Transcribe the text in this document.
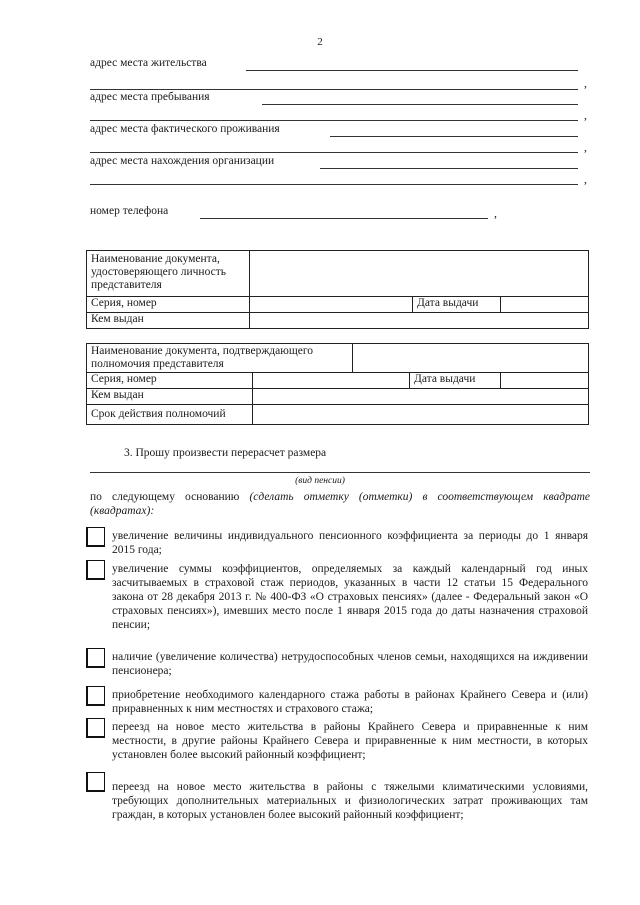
2
адрес места жительства
,
адрес места пребывания
,
адрес места фактического проживания
,
адрес места нахождения организации
,
номер телефона	,
Наименование документа, удостоверяющего личность представителя			
Серия, номер		Дата выдачи	
Кем выдан			
Наименование документа, подтверждающего полномочия представителя				
Серия, номер			Дата выдачи	
Кем выдан				
Срок действия полномочий				
3. Прошу произвести перерасчет размера
(вид пенсии)
по следующему основанию (сделать отметку (отметки) в соответствующем квадрате (квадратах):
увеличение величины индивидуального пенсионного коэффициента за периоды до 1 января 2015 года;
увеличение суммы коэффициентов, определяемых за каждый календарный год иных засчитываемых в страховой стаж периодов, указанных в части 12 статьи 15 Федерального закона от 28 декабря 2013 г. № 400-ФЗ «О страховых пенсиях» (далее - Федеральный закон «О страховых пенсиях»), имевших место после 1 января 2015 года до даты назначения страховой пенсии;
наличие (увеличение количества) нетрудоспособных членов семьи, находящихся на иждивении пенсионера;
приобретение необходимого календарного стажа работы в районах Крайнего Севера и (или) приравненных к ним местностях и страхового стажа;
переезд на новое место жительства в районы Крайнего Севера и приравненные к ним местности, в другие районы Крайнего Севера и приравненные к ним местности, в которых установлен более высокий районный коэффициент;
переезд на новое место жительства в районы с тяжелыми климатическими условиями, требующих дополнительных материальных и физиологических затрат проживающих там граждан, в которых установлен более высокий районный коэффициент;
